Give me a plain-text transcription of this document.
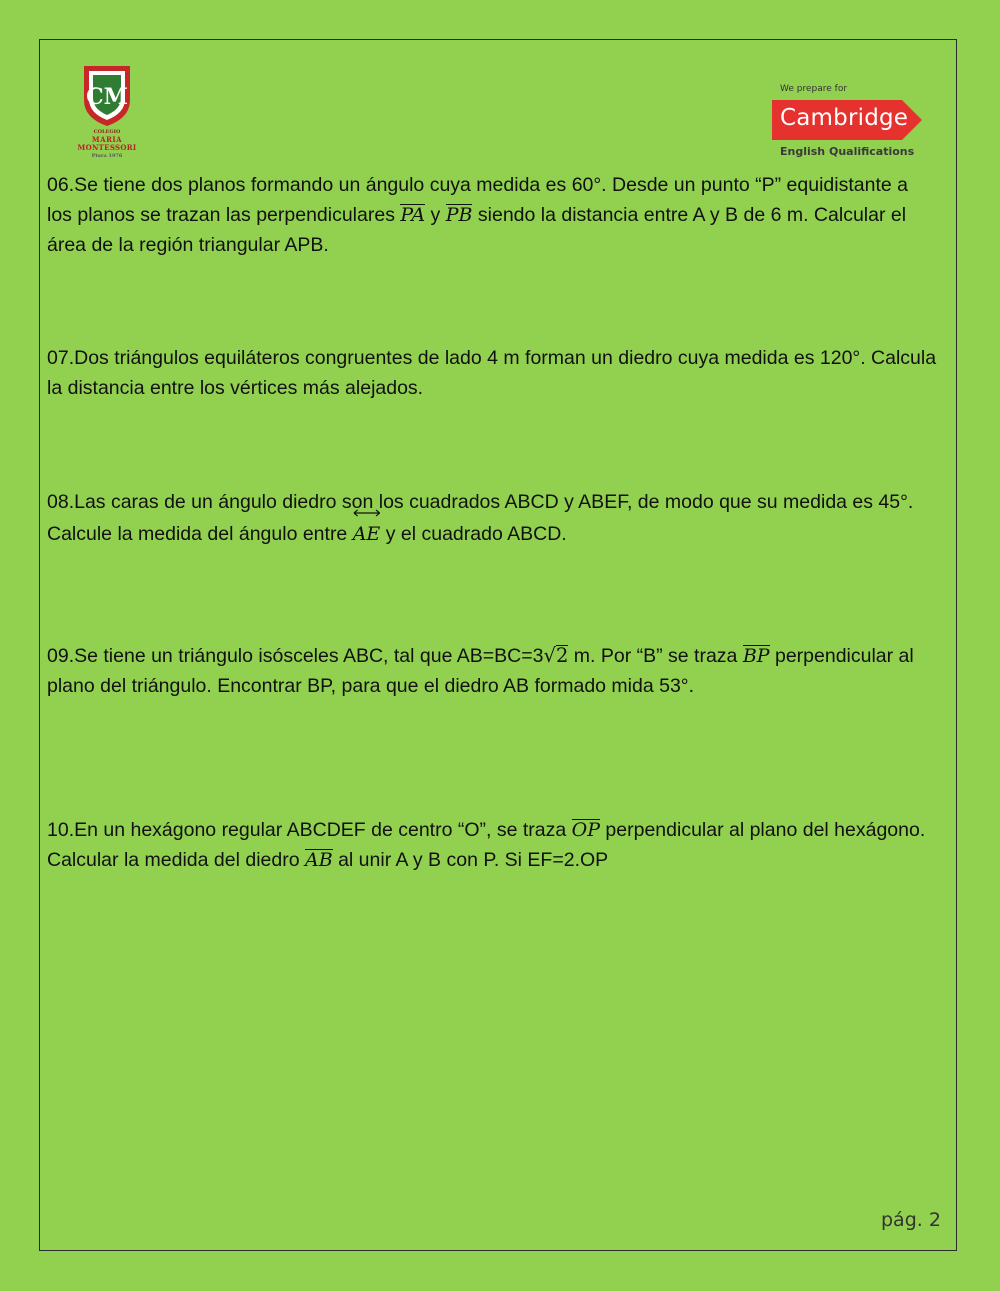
CM
COLEGIO
MARIA
MONTESSORI
Piura 1976
We prepare for
Cambridge
English Qualifications
06.Se tiene dos planos formando un ángulo cuya medida es 60°. Desde un punto “P” equidistante a los planos se trazan las perpendiculares PA y PB siendo la distancia entre A y B de 6 m. Calcular el área de la región triangular APB.
07.Dos triángulos equiláteros congruentes de lado 4 m forman un diedro cuya medida es 120°. Calcula la distancia entre los vértices más alejados.
08.Las caras de un ángulo diedro son los cuadrados ABCD y ABEF, de modo que su medida es 45°. Calcule la medida del ángulo entre
AE y el cuadrado ABCD.
09.Se tiene un triángulo isósceles ABC, tal que AB=BC=3√2 m. Por “B” se traza BP perpendicular al plano del triángulo. Encontrar BP, para que el diedro AB formado mida 53°.
10.En un hexágono regular ABCDEF de centro “O”, se traza OP perpendicular al plano del hexágono. Calcular la medida del diedro AB al unir A y B con P. Si EF=2.OP
pág. 2
